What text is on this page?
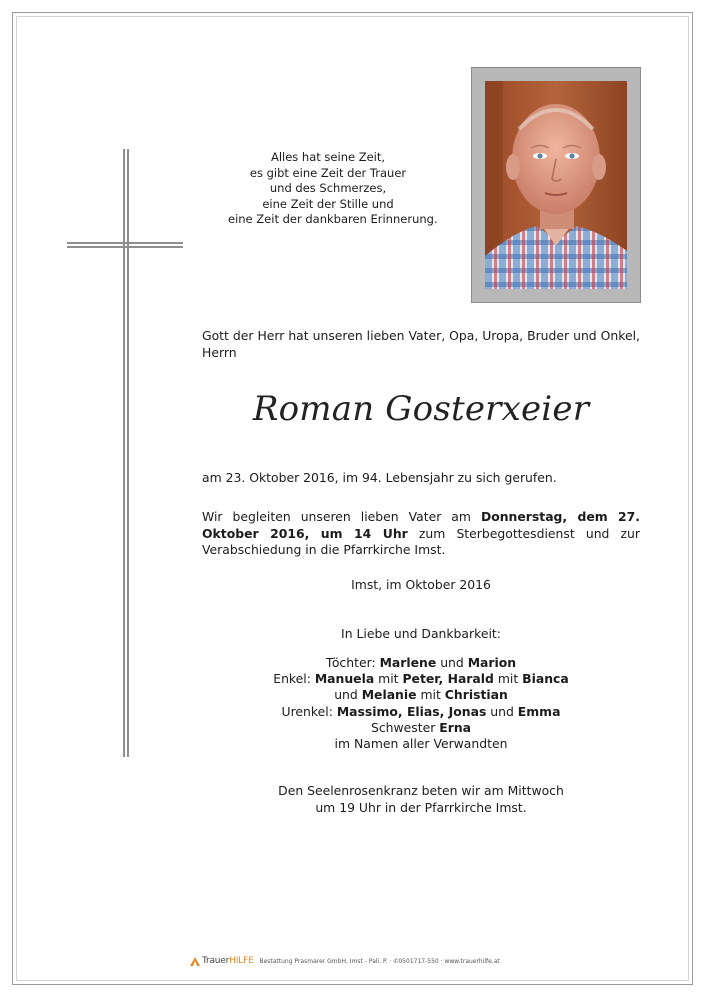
Alles hat seine Zeit,
es gibt eine Zeit der Trauer
und des Schmerzes,
eine Zeit der Stille und
eine Zeit der dankbaren Erinnerung.
Gott der Herr hat unseren lieben Vater, Opa, Uropa, Bruder und Onkel, Herrn
Roman Gosterxeier
am 23. Oktober 2016, im 94. Lebensjahr zu sich gerufen.
Wir begleiten unseren lieben Vater am Donnerstag, dem 27. Oktober 2016, um 14 Uhr zum Sterbegottesdienst und zur Verabschiedung in die Pfarrkirche Imst.
Imst, im Oktober 2016
In Liebe und Dankbarkeit:
Töchter: Marlene und Marion
Enkel: Manuela mit Peter, Harald mit Bianca
und Melanie mit Christian
Urenkel: Massimo, Elias, Jonas und Emma
Schwester Erna
im Namen aller Verwandten
Den Seelenrosenkranz beten wir am Mittwoch
um 19 Uhr in der Pfarrkirche Imst.
TrauerHILFE Bestattung Prasmarer GmbH, Imst - Pali. P. · ✆0501717-550 · www.trauerhilfe.at
